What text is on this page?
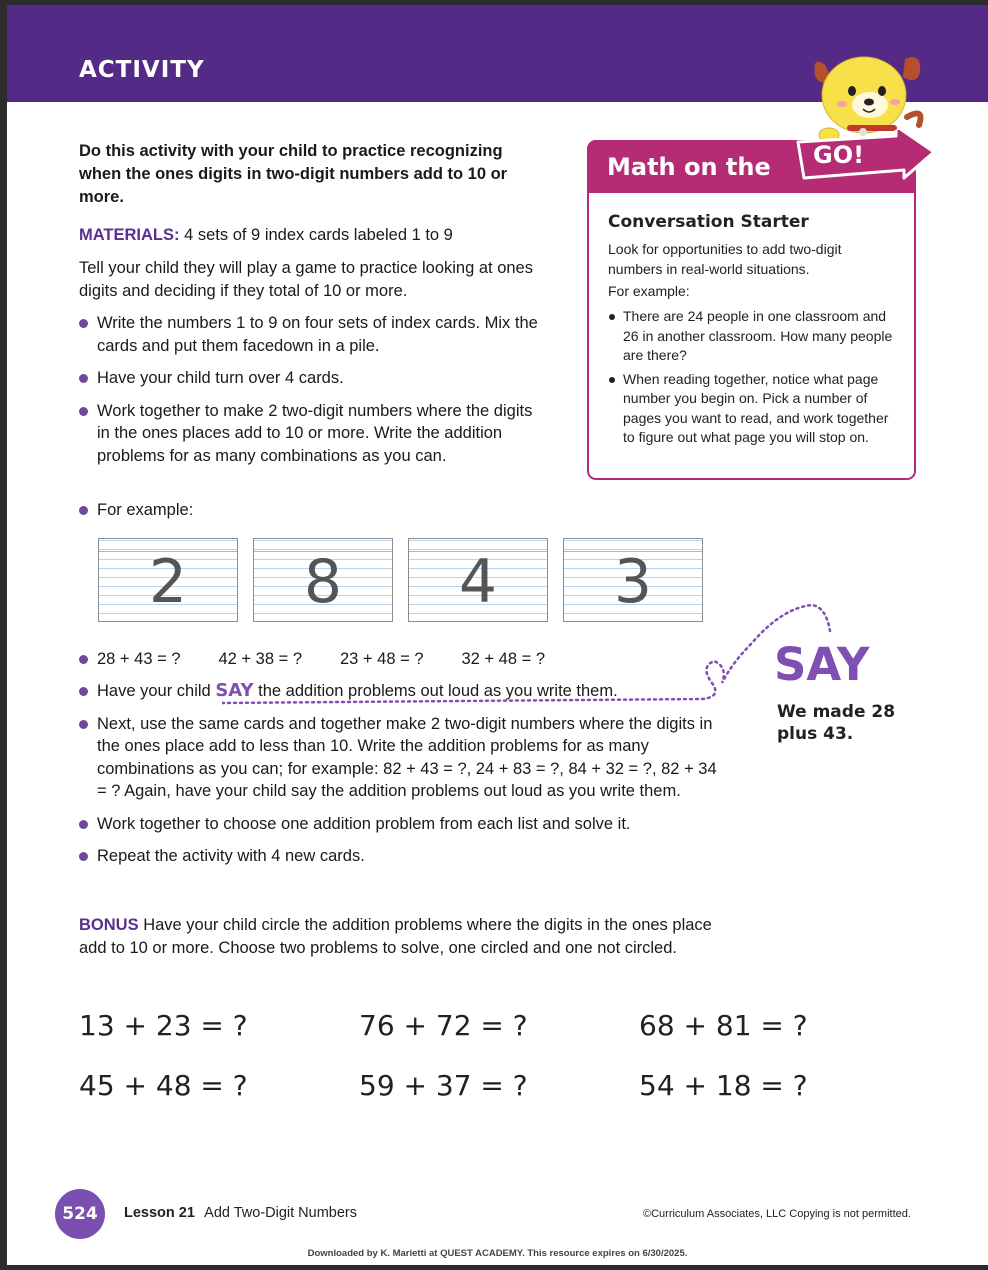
ACTIVITY
Do this activity with your child to practice recognizing when the ones digits in two-digit numbers add to 10 or more.
MATERIALS: 4 sets of 9 index cards labeled 1 to 9
Tell your child they will play a game to practice looking at ones digits and deciding if they total of 10 or more.
Write the numbers 1 to 9 on four sets of index cards. Mix the cards and put them facedown in a pile.
Have your child turn over 4 cards.
Work together to make 2 two-digit numbers where the digits in the ones places add to 10 or more. Write the addition problems for as many combinations as you can.
For example:
2	8	4	3
28 + 43 = ? 42 + 38 = ? 23 + 48 = ? 32 + 48 = ?
Have your child SAY the addition problems out loud as you write them.
Next, use the same cards and together make 2 two-digit numbers where the digits in the ones place add to less than 10. Write the addition problems for as many combinations as you can; for example: 82 + 43 = ?, 24 + 83 = ?, 84 + 32 = ?, 82 + 34 = ? Again, have your child say the addition problems out loud as you write them.
Work together to choose one addition problem from each list and solve it.
Repeat the activity with 4 new cards.
SAY
We made 28 plus 43.
Math on the GO!
Conversation Starter
Look for opportunities to add two-digit numbers in real-world situations.
For example:
There are 24 people in one classroom and 26 in another classroom. How many people are there?
When reading together, notice what page number you begin on. Pick a number of pages you want to read, and work together to figure out what page you will stop on.
BONUS Have your child circle the addition problems where the digits in the ones place add to 10 or more. Choose two problems to solve, one circled and one not circled.
13 + 23 = ?	76 + 72 = ?	68 + 81 = ?
45 + 48 = ?	59 + 37 = ?	54 + 18 = ?
524	Lesson 21 Add Two-Digit Numbers	©Curriculum Associates, LLC Copying is not permitted.
Downloaded by K. Marietti at QUEST ACADEMY. This resource expires on 6/30/2025.
